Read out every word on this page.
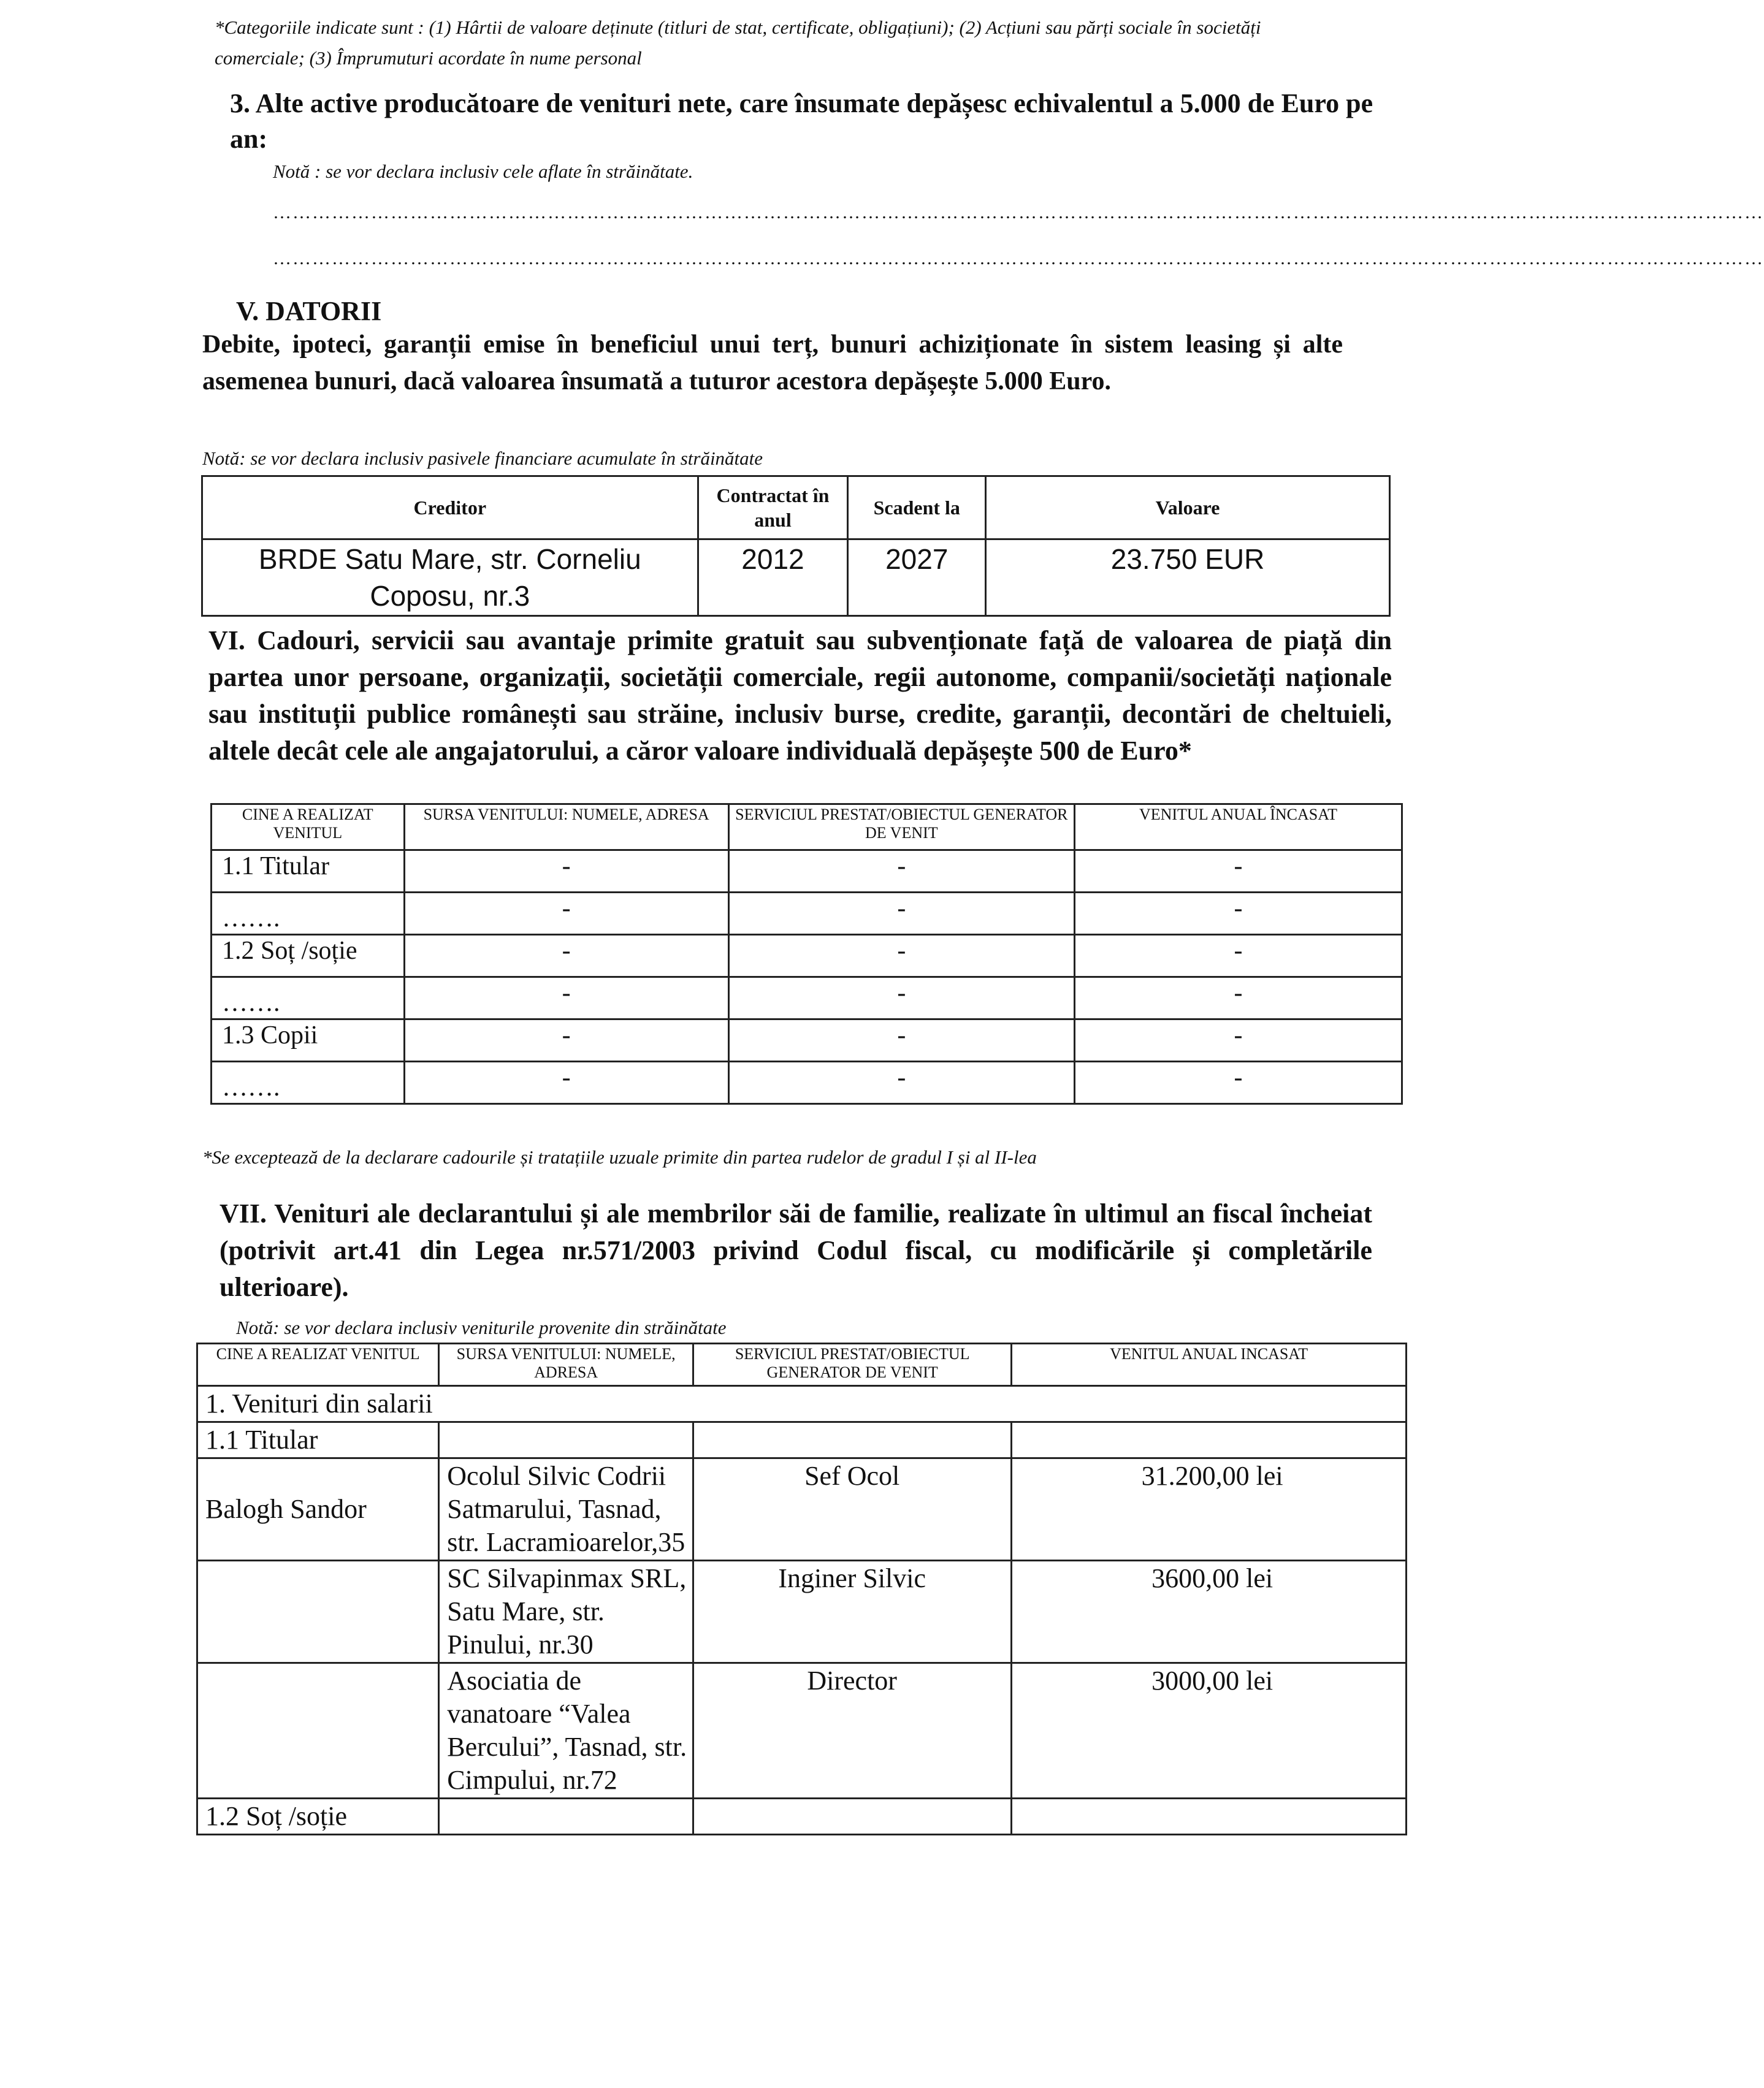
*Categoriile indicate sunt : (1) Hârtii de valoare deținute (titluri de stat, certificate, obligațiuni); (2) Acțiuni sau părți sociale în societăți comerciale; (3) Împrumuturi acordate în nume personal
3. Alte active producătoare de venituri nete, care însumate depășesc echivalentul a 5.000 de Euro pe an:
Notă : se vor declara inclusiv cele aflate în străinătate.
…………………………………………………………………………………………………………………………………………………………………………………………………………
…………………………………………………………………………………………………………………………………………………………………………………………………………
V. DATORII
Debite, ipoteci, garanții emise în beneficiul unui terț, bunuri achiziționate în sistem leasing și alte asemenea bunuri, dacă valoarea însumată a tuturor acestora depășește 5.000 Euro.
Notă: se vor declara inclusiv pasivele financiare acumulate în străinătate
Creditor	Contractat în anul	Scadent la	Valoare
BRDE Satu Mare, str. Corneliu Coposu, nr.3	2012	2027	23.750 EUR
VI. Cadouri, servicii sau avantaje primite gratuit sau subvenționate față de valoarea de piață din partea unor persoane, organizații, societății comerciale, regii autonome, companii/societăți naționale sau instituții publice românești sau străine, inclusiv burse, credite, garanții, decontări de cheltuieli, altele decât cele ale angajatorului, a căror valoare individuală depășește 500 de Euro*
CINE A REALIZAT VENITUL	SURSA VENITULUI: NUMELE, ADRESA	SERVICIUL PRESTAT/OBIECTUL GENERATOR DE VENIT	VENITUL ANUAL ÎNCASAT
1.1 Titular	-	-	-
…….	-	-	-
1.2 Soț /soție	-	-	-
…….	-	-	-
1.3 Copii	-	-	-
…….	-	-	-
*Se exceptează de la declarare cadourile și tratațiile uzuale primite din partea rudelor de gradul I și al II-lea
VII. Venituri ale declarantului și ale membrilor săi de familie, realizate în ultimul an fiscal încheiat (potrivit art.41 din Legea nr.571/2003 privind Codul fiscal, cu modificările și completările ulterioare).
Notă: se vor declara inclusiv veniturile provenite din străinătate
CINE A REALIZAT VENITUL	SURSA VENITULUI: NUMELE, ADRESA	SERVICIUL PRESTAT/OBIECTUL GENERATOR DE VENIT	VENITUL ANUAL INCASAT
1. Venituri din salarii			
1.1 Titular			
Balogh Sandor	Ocolul Silvic Codrii Satmarului, Tasnad, str. Lacramioarelor,35	Sef Ocol	31.200,00 lei
	SC Silvapinmax SRL, Satu Mare, str. Pinului, nr.30	Inginer Silvic	3600,00 lei
	Asociatia de vanatoare “Valea Bercului”, Tasnad, str. Cimpului, nr.72	Director	3000,00 lei
1.2 Soț /soție			
